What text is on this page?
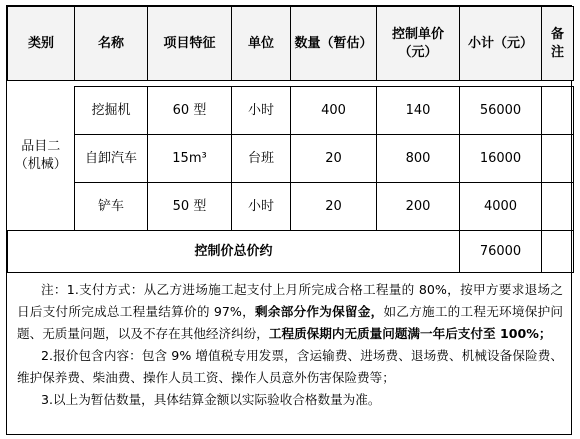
类别	名称	项目特征	单位	数量（暂估）	控制单价（元）	小计（元）	备注
品目二（机械）							
	挖掘机	60 型	小时	400	140	56000	
	自卸汽车	15m³	台班	20	800	16000	
	铲车	50 型	小时	20	200	4000	
控制价总价约						76000	

注：1.支付方式：从乙方进场施工起支付上月所完成合格工程量的 80%，按甲方要求退场之日后支付所完成总工程量结算价的 97%，剩余部分作为保留金，如乙方施工的工程无环境保护问题、无质量问题，以及不存在其他经济纠纷，工程质保期内无质量问题满一年后支付至 100%；

2.报价包含内容：包含 9% 增值税专用发票，含运输费、进场费、退场费、机械设备保险费、维护保养费、柴油费、操作人员工资、操作人员意外伤害保险费等；

3.以上为暂估数量，具体结算金额以实际验收合格数量为准。
